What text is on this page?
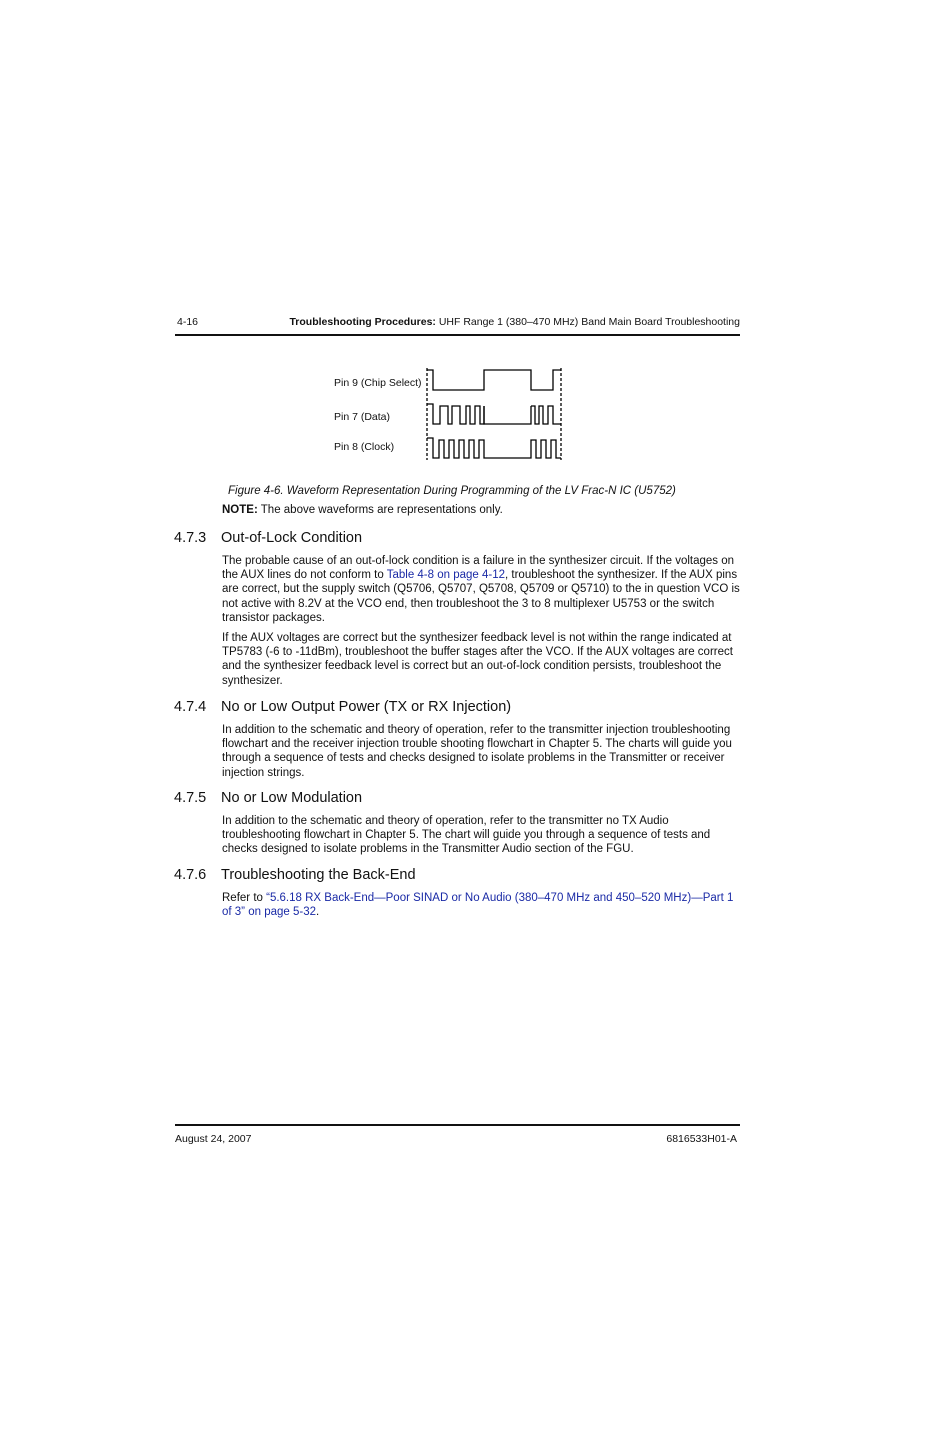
4-16	Troubleshooting Procedures: UHF Range 1 (380–470 MHz) Band Main Board Troubleshooting
Pin 9 (Chip Select)
Pin 7 (Data)
Pin 8 (Clock)
Figure 4-6. Waveform Representation During Programming of the LV Frac-N IC (U5752)
NOTE: The above waveforms are representations only.
4.7.3 Out-of-Lock Condition
The probable cause of an out-of-lock condition is a failure in the synthesizer circuit. If the voltages on the AUX lines do not conform to Table 4-8 on page 4-12, troubleshoot the synthesizer. If the AUX pins are correct, but the supply switch (Q5706, Q5707, Q5708, Q5709 or Q5710) to the in question VCO is not active with 8.2V at the VCO end, then troubleshoot the 3 to 8 multiplexer U5753 or the switch transistor packages.
If the AUX voltages are correct but the synthesizer feedback level is not within the range indicated at TP5783 (-6 to -11dBm), troubleshoot the buffer stages after the VCO. If the AUX voltages are correct and the synthesizer feedback level is correct but an out-of-lock condition persists, troubleshoot the synthesizer.
4.7.4 No or Low Output Power (TX or RX Injection)
In addition to the schematic and theory of operation, refer to the transmitter injection troubleshooting flowchart and the receiver injection trouble shooting flowchart in Chapter 5. The charts will guide you through a sequence of tests and checks designed to isolate problems in the Transmitter or receiver injection strings.
4.7.5 No or Low Modulation
In addition to the schematic and theory of operation, refer to the transmitter no TX Audio troubleshooting flowchart in Chapter 5. The chart will guide you through a sequence of tests and checks designed to isolate problems in the Transmitter Audio section of the FGU.
4.7.6 Troubleshooting the Back-End
Refer to “5.6.18 RX Back-End—Poor SINAD or No Audio (380–470 MHz and 450–520 MHz)—Part 1 of 3” on page 5-32.
August 24, 2007	6816533H01-A
